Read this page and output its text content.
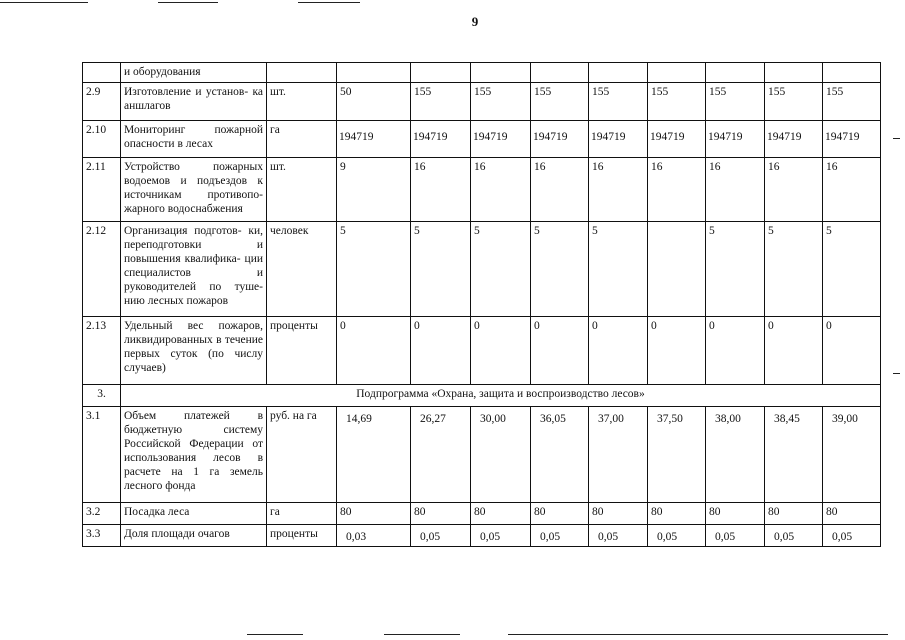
9
	и оборудования										
2.9	Изготовление и установ- ка аншлагов	шт.	50	155	155	155	155	155	155	155	155
2.10	Мониторинг пожарной опасности в лесах	га	194719	194719	194719	194719	194719	194719	194719	194719	194719
2.11	Устройство пожарных водоемов и подъездов к источникам противопо- жарного водоснабжения	шт.	9	16	16	16	16	16	16	16	16
2.12	Организация подготов- ки, переподготовки и повышения квалифика- ции специалистов и руководителей по туше- нию лесных пожаров	человек	5	5	5	5	5		5	5	5
2.13	Удельный вес пожаров, ликвидированных в течение первых суток (по числу случаев)	проценты	0	0	0	0	0	0	0	0	0
3.	Подпрограмма «Охрана, защита и воспроизводство лесов»										
3.1	Объем платежей в бюджетную систему Российской Федерации от использования лесов в расчете на 1 га земель лесного фонда	руб. на га	14,69	26,27	30,00	36,05	37,00	37,50	38,00	38,45	39,00
3.2	Посадка леса	га	80	80	80	80	80	80	80	80	80
3.3	Доля площади очагов	проценты	0,03	0,05	0,05	0,05	0,05	0,05	0,05	0,05	0,05
